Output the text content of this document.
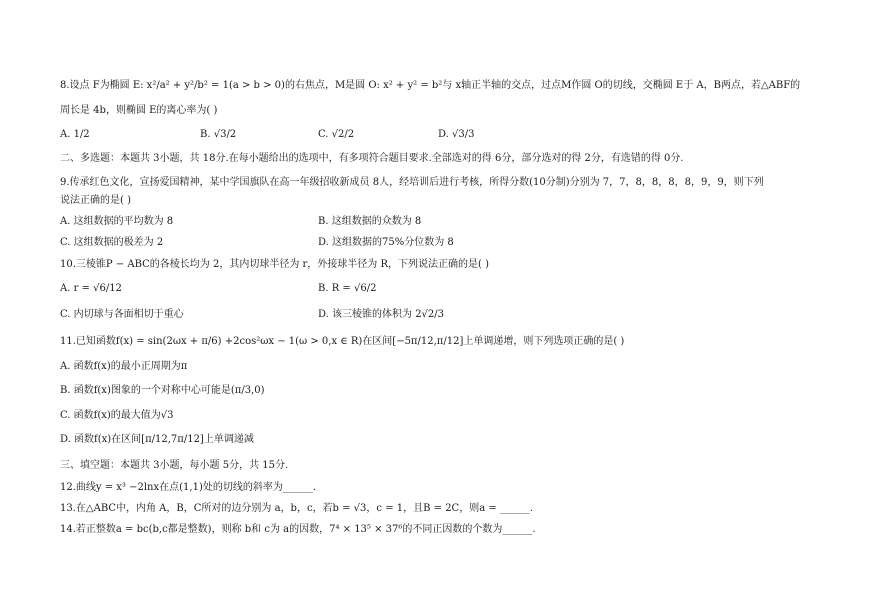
8.设点 F为椭圆 E: x²/a² + y²/b² = 1(a > b > 0)的右焦点，M是圆 O: x² + y² = b²与 x轴正半轴的交点，过点M作圆 O的切线，交椭圆 E于 A，B两点，若△ABF的
周长是 4b，则椭圆 E的离心率为( )
A. 1/2	B. √3/2	C. √2/2	D. √3/3
二、多选题：本题共 3小题，共 18分.在每小题给出的选项中，有多项符合题目要求.全部选对的得 6分，部分选对的得 2分，有选错的得 0分.
9.传承红色文化，宣扬爱国精神，某中学国旗队在高一年级招收新成员 8人，经培训后进行考核，所得分数(10分制)分别为 7，7，8，8，8，8，9，9，则下列
说法正确的是( )
A. 这组数据的平均数为 8	B. 这组数据的众数为 8
C. 这组数据的极差为 2	D. 这组数据的75%分位数为 8
10.三棱锥P − ABC的各棱长均为 2，其内切球半径为 r，外接球半径为 R，下列说法正确的是( )
A. r = √6/12	B. R = √6/2
C. 内切球与各面相切于重心	D. 该三棱锥的体积为 2√2/3
11.已知函数f(x) = sin(2ωx + π/6) +2cos²ωx − 1(ω > 0,x ∈ R)在区间[−5π/12,π/12]上单调递增，则下列选项正确的是( )
A. 函数f(x)的最小正周期为π
B. 函数f(x)图象的一个对称中心可能是(π/3,0)
C. 函数f(x)的最大值为√3
D. 函数f(x)在区间[π/12,7π/12]上单调递减
三、填空题：本题共 3小题，每小题 5分，共 15分.
12.曲线y = x³ −2lnx在点(1,1)处的切线的斜率为______.
13.在△ABC中，内角 A，B，C所对的边分别为 a，b，c，若b = √3，c = 1，且B = 2C，则a = ______.
14.若正整数a = bc(b,c都是整数)，则称 b和 c为 a的因数，7⁴ × 13⁵ × 37⁶的不同正因数的个数为______.
